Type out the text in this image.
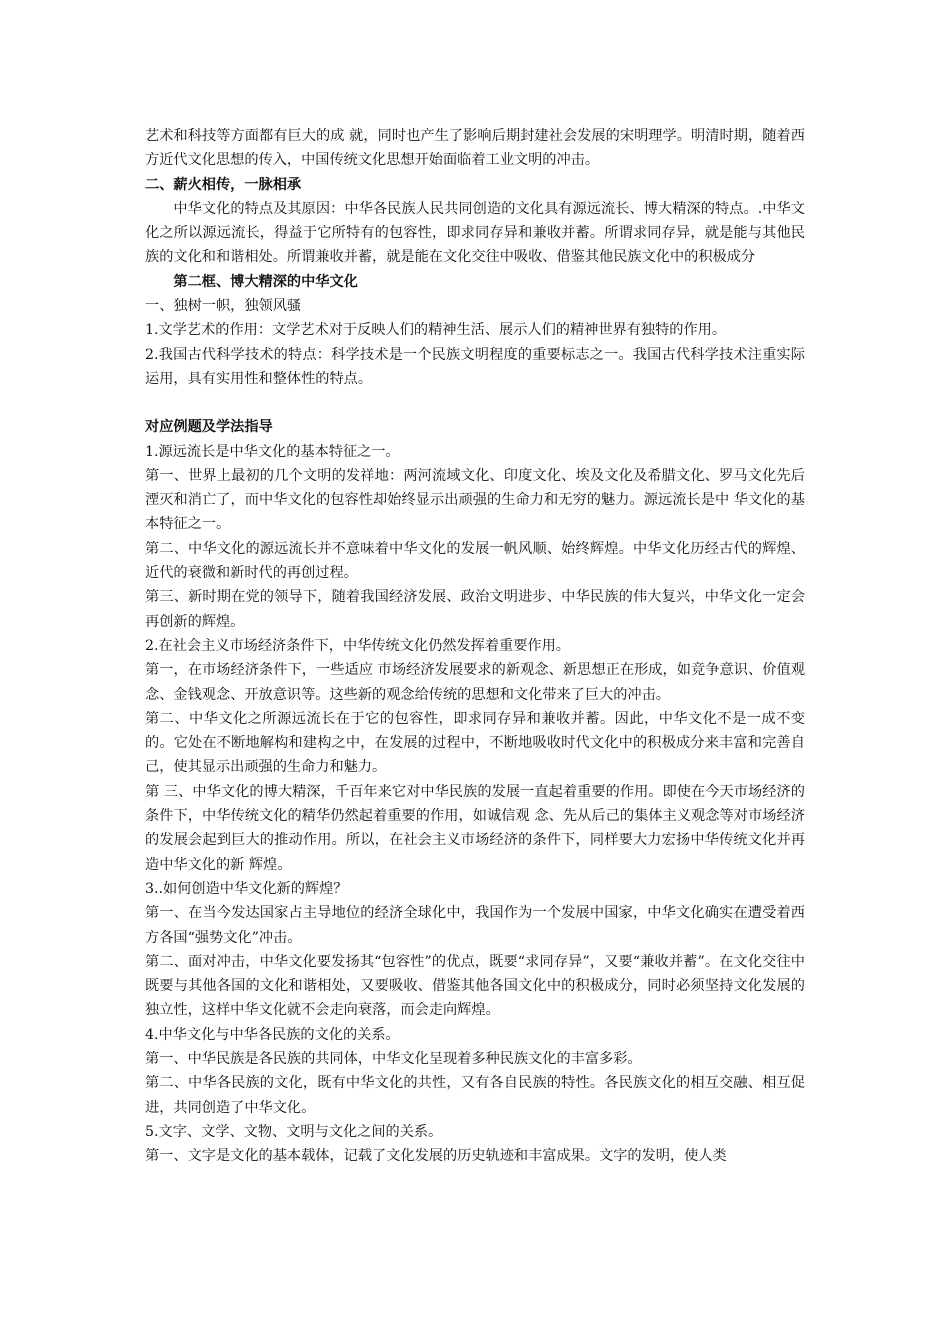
艺术和科技等方面都有巨大的成 就，同时也产生了影响后期封建社会发展的宋明理学。明清时期，随着西方近代文化思想的传入，中国传统文化思想开始面临着工业文明的冲击。

二、薪火相传，一脉相承

中华文化的特点及其原因：中华各民族人民共同创造的文化具有源远流长、博大精深的特点。.中华文化之所以源远流长，得益于它所特有的包容性，即求同存异和兼收并蓄。所谓求同存异，就是能与其他民族的文化和和谐相处。所谓兼收并蓄，就是能在文化交往中吸收、借鉴其他民族文化中的积极成分

第二框、博大精深的中华文化

一、独树一帜，独领风骚

1.文学艺术的作用：文学艺术对于反映人们的精神生活、展示人们的精神世界有独特的作用。

2.我国古代科学技术的特点：科学技术是一个民族文明程度的重要标志之一。我国古代科学技术注重实际运用，具有实用性和整体性的特点。

对应例题及学法指导

1.源远流长是中华文化的基本特征之一。

第一、世界上最初的几个文明的发祥地：两河流域文化、印度文化、埃及文化及希腊文化、罗马文化先后湮灭和消亡了，而中华文化的包容性却始终显示出顽强的生命力和无穷的魅力。源远流长是中 华文化的基本特征之一。

第二、中华文化的源远流长并不意味着中华文化的发展一帆风顺、始终辉煌。中华文化历经古代的辉煌、近代的衰微和新时代的再创过程。

第三、新时期在党的领导下，随着我国经济发展、政治文明进步、中华民族的伟大复兴，中华文化一定会再创新的辉煌。

2.在社会主义市场经济条件下，中华传统文化仍然发挥着重要作用。

第一，在市场经济条件下，一些适应 市场经济发展要求的新观念、新思想正在形成，如竞争意识、价值观念、金钱观念、开放意识等。这些新的观念给传统的思想和文化带来了巨大的冲击。

第二、中华文化之所源远流长在于它的包容性，即求同存异和兼收并蓄。因此，中华文化不是一成不变的。它处在不断地解构和建构之中，在发展的过程中，不断地吸收时代文化中的积极成分来丰富和完善自己，使其显示出顽强的生命力和魅力。

第 三、中华文化的博大精深，千百年来它对中华民族的发展一直起着重要的作用。即使在今天市场经济的条件下，中华传统文化的精华仍然起着重要的作用，如诚信观 念、先从后己的集体主义观念等对市场经济的发展会起到巨大的推动作用。所以，在社会主义市场经济的条件下，同样要大力宏扬中华传统文化并再造中华文化的新 辉煌。

3..如何创造中华文化新的辉煌？

第一、在当今发达国家占主导地位的经济全球化中，我国作为一个发展中国家，中华文化确实在遭受着西方各国“强势文化”冲击。

第二、面对冲击，中华文化要发扬其“包容性”的优点，既要“求同存异”，又要“兼收并蓄”。在文化交往中既要与其他各国的文化和谐相处，又要吸收、借鉴其他各国文化中的积极成分，同时必须坚持文化发展的独立性，这样中华文化就不会走向衰落，而会走向辉煌。

4.中华文化与中华各民族的文化的关系。

第一、中华民族是各民族的共同体，中华文化呈现着多种民族文化的丰富多彩。

第二、中华各民族的文化，既有中华文化的共性，又有各自民族的特性。各民族文化的相互交融、相互促进，共同创造了中华文化。

5.文字、文学、文物、文明与文化之间的关系。

第一、文字是文化的基本载体，记载了文化发展的历史轨迹和丰富成果。文字的发明，使人类
